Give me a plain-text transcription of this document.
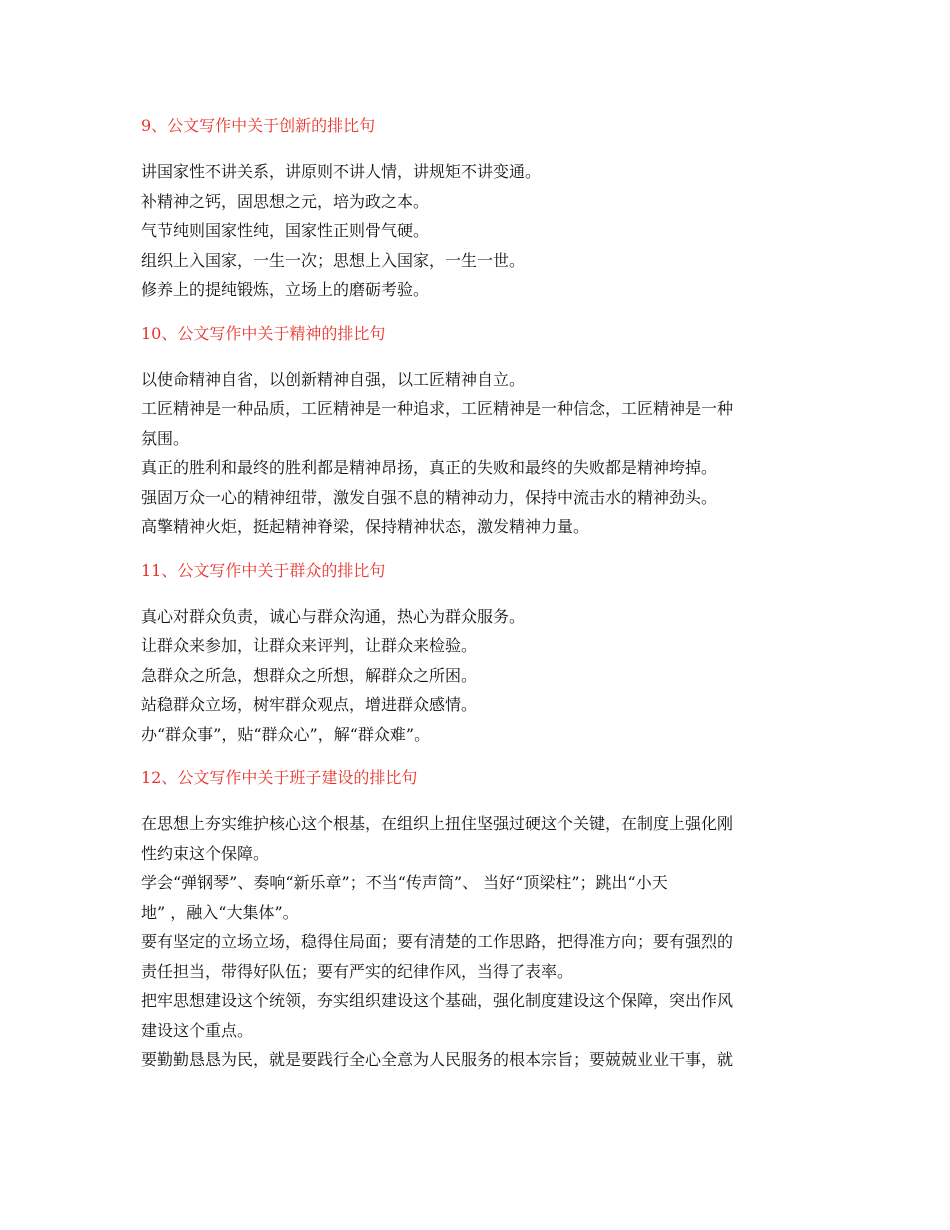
9、公文写作中关于创新的排比句

讲国家性不讲关系，讲原则不讲人情，讲规矩不讲变通。

补精神之钙，固思想之元，培为政之本。

气节纯则国家性纯，国家性正则骨气硬。

组织上入国家，一生一次；思想上入国家，一生一世。

修养上的提纯锻炼，立场上的磨砺考验。

10、公文写作中关于精神的排比句

以使命精神自省，以创新精神自强，以工匠精神自立。

工匠精神是一种品质，工匠精神是一种追求，工匠精神是一种信念，工匠精神是一种

氛围。

真正的胜利和最终的胜利都是精神昂扬，真正的失败和最终的失败都是精神垮掉。

强固万众一心的精神纽带，激发自强不息的精神动力，保持中流击水的精神劲头。

高擎精神火炬，挺起精神脊梁，保持精神状态，激发精神力量。

11、公文写作中关于群众的排比句

真心对群众负责，诚心与群众沟通，热心为群众服务。

让群众来参加，让群众来评判，让群众来检验。

急群众之所急，想群众之所想，解群众之所困。

站稳群众立场，树牢群众观点，增进群众感情。

办“群众事”，贴“群众心”，解“群众难”。

12、公文写作中关于班子建设的排比句

在思想上夯实维护核心这个根基，在组织上扭住坚强过硬这个关键，在制度上强化刚

性约束这个保障。

学会“弹钢琴”、奏响“新乐章”；不当“传声筒”、 当好“顶梁柱”；跳出“小天

地” ，融入“大集体”。

要有坚定的立场立场，稳得住局面；要有清楚的工作思路，把得准方向；要有强烈的

责任担当，带得好队伍；要有严实的纪律作风，当得了表率。

把牢思想建设这个统领，夯实组织建设这个基础，强化制度建设这个保障，突出作风

建设这个重点。

要勤勤恳恳为民，就是要践行全心全意为人民服务的根本宗旨；要兢兢业业干事，就
